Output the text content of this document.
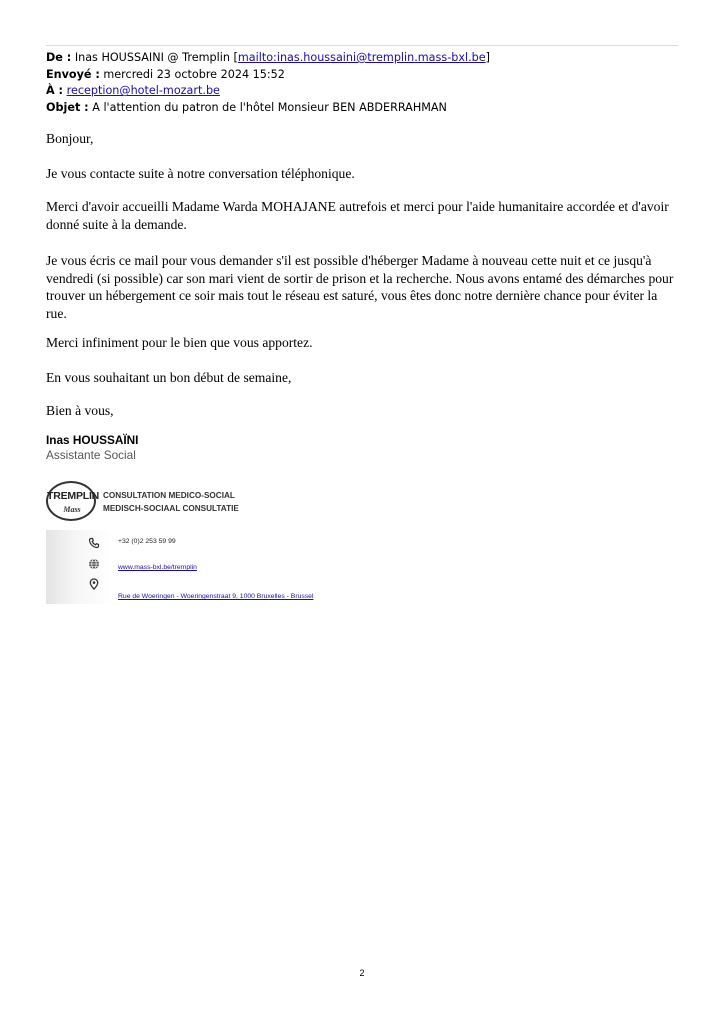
De : Inas HOUSSAINI @ Tremplin [mailto:inas.houssaini@tremplin.mass-bxl.be]
Envoyé : mercredi 23 octobre 2024 15:52
À : reception@hotel-mozart.be
Objet : A l'attention du patron de l'hôtel Monsieur BEN ABDERRAHMAN

Bonjour,

Je vous contacte suite à notre conversation téléphonique.

Merci d'avoir accueilli Madame Warda MOHAJANE autrefois et merci pour l'aide humanitaire accordée et d'avoir donné suite à la demande.

Je vous écris ce mail pour vous demander s'il est possible d'héberger Madame à nouveau cette nuit et ce jusqu'à vendredi (si possible) car son mari vient de sortir de prison et la recherche. Nous avons entamé des démarches pour trouver un hébergement ce soir mais tout le réseau est saturé, vous êtes donc notre dernière chance pour éviter la rue.

Merci infiniment pour le bien que vous apportez.

En vous souhaitant un bon début de semaine,

Bien à vous,

Inas HOUSSAÏNI
Assistante Social
TREMPLIN
Mass
CONSULTATION MEDICO-SOCIAL
MEDISCH-SOCIAAL CONSULTATIE
+32 (0)2 253 59 99
www.mass-bxl.be/tremplin
Rue de Woeringen - Woeringenstraat 9, 1000 Bruxelles - Brussel
2
